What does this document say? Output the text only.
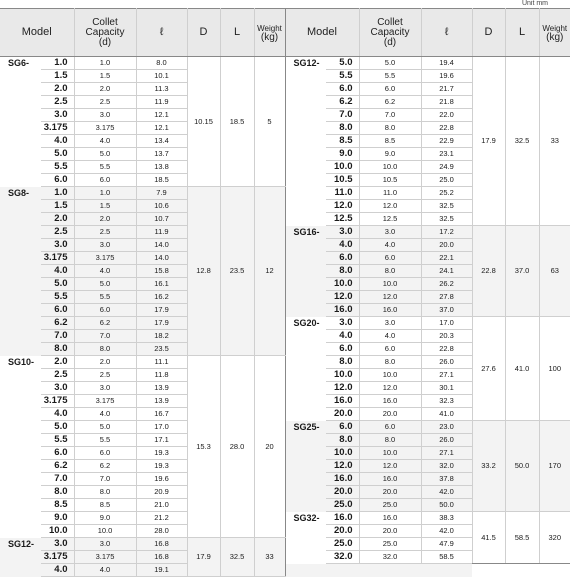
Unit mm
Model		Collet
Capacity
(d)	ℓ	D	L	Weight
(kg)	Model		Collet
Capacity
(d)	ℓ	D	L	Weight
(kg)
SG6-	1.0	1.0	8.0	10.15	18.5	5	SG12-	5.0	5.0	19.4	17.9	32.5	33
	1.5	1.5	10.1					5.5	5.5	19.6			
	2.0	2.0	11.3					6.0	6.0	21.7			
	2.5	2.5	11.9					6.2	6.2	21.8			
	3.0	3.0	12.1					7.0	7.0	22.0			
	3.175	3.175	12.1					8.0	8.0	22.8			
	4.0	4.0	13.4					8.5	8.5	22.9			
	5.0	5.0	13.7					9.0	9.0	23.1			
	5.5	5.5	13.8					10.0	10.0	24.9			
	6.0	6.0	18.5					10.5	10.5	25.0			
SG8-	1.0	1.0	7.9	12.8	23.5	12		11.0	11.0	25.2			
	1.5	1.5	10.6					12.0	12.0	32.5			
	2.0	2.0	10.7					12.5	12.5	32.5			
	2.5	2.5	11.9				SG16-	3.0	3.0	17.2	22.8	37.0	63
	3.0	3.0	14.0					4.0	4.0	20.0			
	3.175	3.175	14.0					6.0	6.0	22.1			
	4.0	4.0	15.8					8.0	8.0	24.1			
	5.0	5.0	16.1					10.0	10.0	26.2			
	5.5	5.5	16.2					12.0	12.0	27.8			
	6.0	6.0	17.9					16.0	16.0	37.0			
	6.2	6.2	17.9				SG20-	3.0	3.0	17.0	27.6	41.0	100
	7.0	7.0	18.2					4.0	4.0	20.3			
	8.0	8.0	23.5					6.0	6.0	22.8			
SG10-	2.0	2.0	11.1	15.3	28.0	20		8.0	8.0	26.0			
	2.5	2.5	11.8					10.0	10.0	27.1			
	3.0	3.0	13.9					12.0	12.0	30.1			
	3.175	3.175	13.9					16.0	16.0	32.3			
	4.0	4.0	16.7					20.0	20.0	41.0			
	5.0	5.0	17.0				SG25-	6.0	6.0	23.0	33.2	50.0	170
	5.5	5.5	17.1					8.0	8.0	26.0			
	6.0	6.0	19.3					10.0	10.0	27.1			
	6.2	6.2	19.3					12.0	12.0	32.0			
	7.0	7.0	19.6					16.0	16.0	37.8			
	8.0	8.0	20.9					20.0	20.0	42.0			
	8.5	8.5	21.0					25.0	25.0	50.0			
	9.0	9.0	21.2				SG32-	16.0	16.0	38.3	41.5	58.5	320
	10.0	10.0	28.0					20.0	20.0	42.0			
SG12-	3.0	3.0	16.8	17.9	32.5	33		25.0	25.0	47.9			
	3.175	3.175	16.8					32.0	32.0	58.5			
	4.0	4.0	19.1										
